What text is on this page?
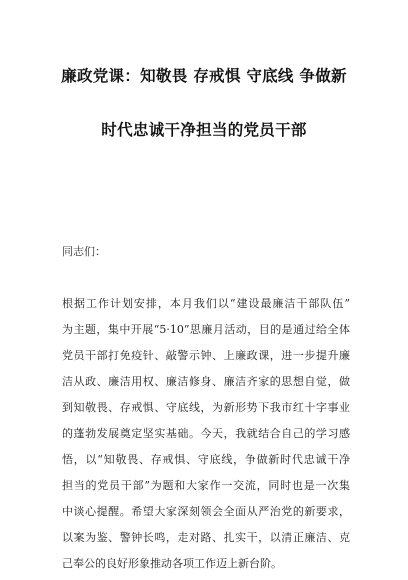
廉政党课：知敬畏 存戒惧 守底线 争做新
时代忠诚干净担当的党员干部
同志们：
根据工作计划安排，本月我们以“建设最廉洁干部队伍”
为主题，集中开展“5·10”思廉月活动，目的是通过给全体
党员干部打免疫针、敲警示钟、上廉政课，进一步提升廉
洁从政、廉洁用权、廉洁修身、廉洁齐家的思想自觉，做
到知敬畏、存戒惧、守底线，为新形势下我市红十字事业
的蓬勃发展奠定坚实基础。今天，我就结合自己的学习感
悟，以“知敬畏、存戒惧、守底线，争做新时代忠诚干净
担当的党员干部”为题和大家作一交流，同时也是一次集
中谈心提醒。希望大家深刻领会全面从严治党的新要求，
以案为鉴、警钟长鸣，走对路、扎实干，以清正廉洁、克
己奉公的良好形象推动各项工作迈上新台阶。
